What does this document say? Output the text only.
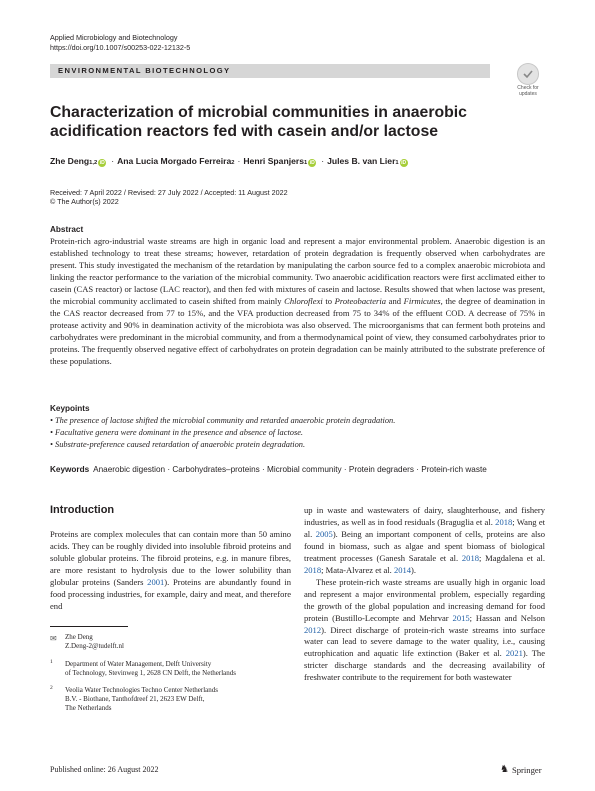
Applied Microbiology and Biotechnology
https://doi.org/10.1007/s00253-022-12132-5
ENVIRONMENTAL BIOTECHNOLOGY
Check for
updates
Characterization of microbial communities in anaerobic acidification reactors fed with casein and/or lactose
Zhe Deng$_{1,2}$ iD · Ana Lucia Morgado Ferreira$_2$ · Henri Spanjers$_1$ iD · Jules B. van Lier$_1$ iD
Received: 7 April 2022 / Revised: 27 July 2022 / Accepted: 11 August 2022
© The Author(s) 2022
Abstract
Protein-rich agro-industrial waste streams are high in organic load and represent a major environmental problem. Anaerobic digestion is an established technology to treat these streams; however, retardation of protein degradation is frequently observed when carbohydrates are present. This study investigated the mechanism of the retardation by manipulating the carbon source fed to a complex anaerobic microbiota and linking the reactor performance to the variation of the microbial community. Two anaerobic acidification reactors were first acclimated either to casein (CAS reactor) or lactose (LAC reactor), and then fed with mixtures of casein and lactose. Results showed that when lactose was present, the microbial community acclimated to casein shifted from mainly Chloroflexi to Proteobacteria and Firmicutes, the degree of deamination in the CAS reactor decreased from 77 to 15%, and the VFA production decreased from 75 to 34% of the effluent COD. A decrease of 75% in protease activity and 90% in deamination activity of the microbiota was also observed. The microorganisms that can ferment both proteins and carbohydrates were predominant in the microbial community, and from a thermodynamical point of view, they consumed carbohydrates prior to proteins. The frequently observed negative effect of carbohydrates on protein degradation can be mainly attributed to the substrate preference of these populations.
Keypoints
• The presence of lactose shifted the microbial community and retarded anaerobic protein degradation.
• Facultative genera were dominant in the presence and absence of lactose.
• Substrate-preference caused retardation of anaerobic protein degradation.
Keywords Anaerobic digestion · Carbohydrates–proteins · Microbial community · Protein degraders · Protein-rich waste
Introduction

Proteins are complex molecules that can contain more than 50 amino acids. They can be roughly divided into insoluble fibroid proteins and soluble globular proteins. The fibroid proteins, e.g. in manure fibres, are more resistant to hydrolysis due to the lower solubility than globular proteins (Sanders 2001). Proteins are abundantly found in food processing industries, for example, dairy and meat, and therefore end

up in waste and wastewaters of dairy, slaughterhouse, and fishery industries, as well as in food residuals (Braguglia et al. 2018; Wang et al. 2005). Being an important component of cells, proteins are also found in biomass, such as algae and spent biomass of biological treatment processes (Ganesh Saratale et al. 2018; Magdalena et al. 2018; Mata-Alvarez et al. 2014).

These protein-rich waste streams are usually high in organic load and represent a major environmental problem, especially regarding the growth of the global population and increasing demand for food protein (Bustillo-Lecompte and Mehrvar 2015; Hassan and Nelson 2012). Direct discharge of protein-rich waste streams into surface water can lead to severe damage to the water quality, i.e., causing eutrophication and aquatic life extinction (Baker et al. 2021). The stricter discharge standards and the decreasing availability of freshwater contribute to the requirement for both wastewater

✉ Zhe Deng
Z.Deng-2@tudelft.nl
1 Department of Water Management, Delft University
of Technology, Stevinweg 1, 2628 CN Delft, the Netherlands
2 Veolia Water Technologies Techno Center Netherlands
B.V. - Biothane, Tanthofdreef 21, 2623 EW Delft,
The Netherlands
Published online: 26 August 2022	♞ Springer
